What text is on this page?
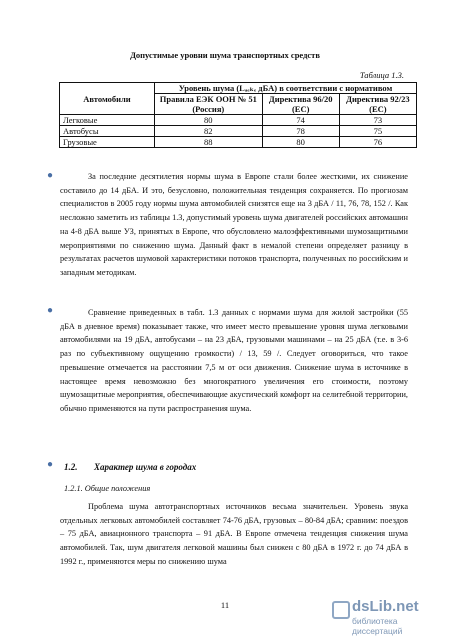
Допустимые уровни шума транспортных средств
Таблица 1.3.
Автомобили	Уровень шума (Lₐₑₖₑ дБА) в соответствии с нормативом		
	Правила ЕЭК ООН № 51 (Россия)	Директива 96/20 (ЕС)	Директива 92/23 (ЕС)
Легковые	80	74	73
Автобусы	82	78	75
Грузовые	88	80	76
●	За последние десятилетия нормы шума в Европе стали более жесткими, их снижение составило до 14 дБА. И это, безусловно, положительная тенденция сохраняется. По прогнозам специалистов в 2005 году нормы шума автомобилей снизятся еще на 3 дБА / 11, 76, 78, 152 /. Как несложно заметить из таблицы 1.3, допустимый уровень шума двигателей российских автомашин на 4-8 дБА выше УЗ, принятых в Европе, что обусловлено малоэффективными шумозащитными мероприятиями по снижению шума. Данный факт в немалой степени определяет разницу в результатах расчетов шумовой характеристики потоков транспорта, полученных по российским и западным методикам.

●	Сравнение приведенных в табл. 1.3 данных с нормами шума для жилой застройки (55 дБА в дневное время) показывает также, что имеет место превышение уровня шума легковыми автомобилями на 19 дБА, автобусами – на 23 дБА, грузовыми машинами – на 25 дБА (т.е. в 3-6 раз по субъективному ощущению громкости) / 13, 59 /. Следует оговориться, что такое превышение отмечается на расстоянии 7,5 м от оси движения. Снижение шума в источнике в настоящее время невозможно без многократного увеличения его стоимости, поэтому шумозащитные мероприятия, обеспечивающие акустический комфорт на селитебной территории, обычно применяются на пути распространения шума.

● 1.2. Характер шума в городах
1.2.1. Общие положения

Проблема шума автотранспортных источников весьма значительен. Уровень звука отдельных легковых автомобилей составляет 74-76 дБА, грузовых – 80-84 дБА; сравним: поездов – 75 дБА, авиационного транспорта – 91 дБА. В Европе отмечена тенденция снижения шума автомобилей. Так, шум двигателя легковой машины был снижен с 80 дБА в 1972 г. до 74 дБА в 1992 г., применяются меры по снижению шума

11	dsLib.net
библиотека диссертаций
